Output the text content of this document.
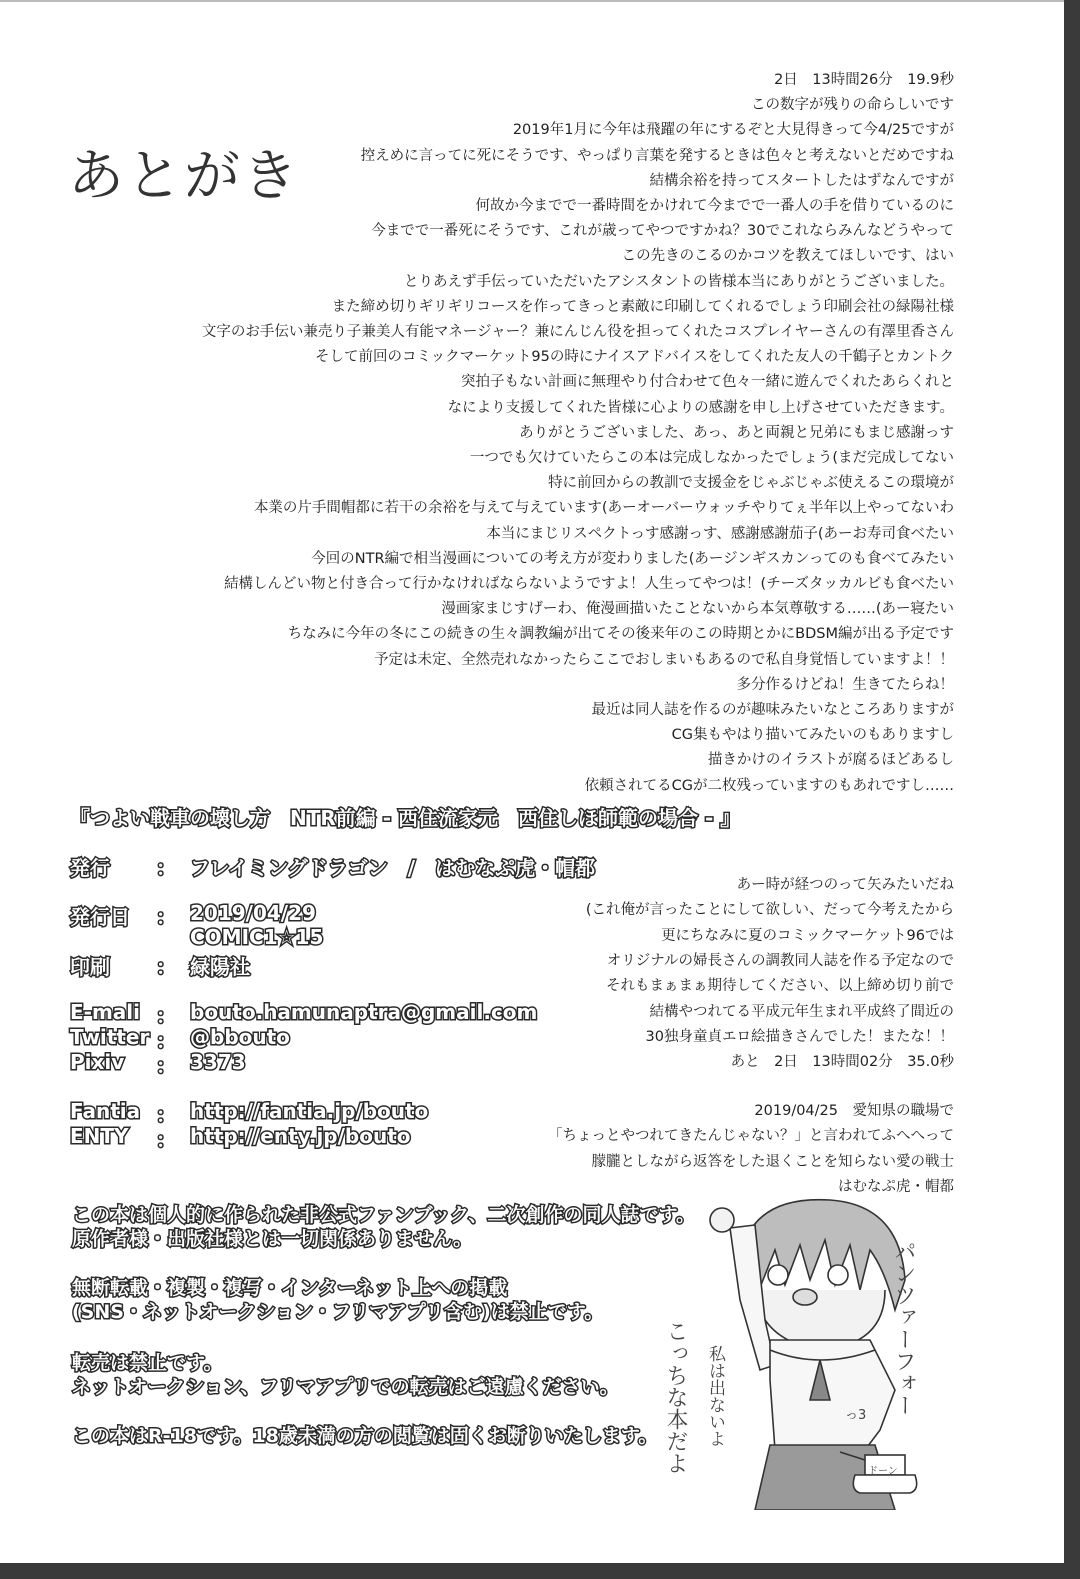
あとがき
2日　13時間26分　19.9秒
この数字が残りの命らしいです
2019年1月に今年は飛躍の年にするぞと大見得きって今4/25ですが
控えめに言ってに死にそうです、やっぱり言葉を発するときは色々と考えないとだめですね
結構余裕を持ってスタートしたはずなんですが
何故か今までで一番時間をかけれて今までで一番人の手を借りているのに
今までで一番死にそうです、これが歳ってやつですかね？30でこれならみんなどうやって
この先きのこるのかコツを教えてほしいです、はい
とりあえず手伝っていただいたアシスタントの皆様本当にありがとうございました。
また締め切りギリギリコースを作ってきっと素敵に印刷してくれるでしょう印刷会社の緑陽社様
文字のお手伝い兼売り子兼美人有能マネージャー？兼にんじん役を担ってくれたコスプレイヤーさんの有澤里香さん
そして前回のコミックマーケット95の時にナイスアドバイスをしてくれた友人の千鶴子とカントク
突拍子もない計画に無理やり付合わせて色々一緒に遊んでくれたあらくれと
なにより支援してくれた皆様に心よりの感謝を申し上げさせていただきます。
ありがとうございました、あっ、あと両親と兄弟にもまじ感謝っす
一つでも欠けていたらこの本は完成しなかったでしょう(まだ完成してない
特に前回からの教訓で支援金をじゃぶじゃぶ使えるこの環境が
本業の片手間帽都に若干の余裕を与えて与えています(あーオーバーウォッチやりてぇ半年以上やってないわ
本当にまじリスペクトっす感謝っす、感謝感謝茄子(あーお寿司食べたい
今回のNTR編で相当漫画についての考え方が変わりました(あージンギスカンってのも食べてみたい
結構しんどい物と付き合って行かなければならないようですよ！人生ってやつは！(チーズタッカルビも食べたい
漫画家まじすげーわ、俺漫画描いたことないから本気尊敬する……(あー寝たい
ちなみに今年の冬にこの続きの生々調教編が出てその後来年のこの時期とかにBDSM編が出る予定です
予定は未定、全然売れなかったらここでおしまいもあるので私自身覚悟していますよ！！
多分作るけどね！生きてたらね！
最近は同人誌を作るのが趣味みたいなところありますが
CG集もやはり描いてみたいのもありますし
描きかけのイラストが腐るほどあるし
依頼されてるCGが二枚残っていますのもあれですし……
あー時が経つのって矢みたいだね
(これ俺が言ったことにして欲しい、だって今考えたから
更にちなみに夏のコミックマーケット96では
オリジナルの婦長さんの調教同人誌を作る予定なので
それもまぁまぁ期待してください、以上締め切り前で
結構やつれてる平成元年生まれ平成終了間近の
30独身童貞エロ絵描きさんでした！またな！！
あと　2日　13時間02分　35.0秒
2019/04/25　愛知県の職場で
「ちょっとやつれてきたんじゃない？」と言われてふへへって
朦朧としながら返答をした退くことを知らない愛の戦士
はむなぷ虎・帽都
『つよい戦車の壊し方　NTR前編 - 西住流家元　西住しほ師範の場合 - 』
発行 ： フレイミングドラゴン　/　はむなぷ虎・帽都
発行日 ： 2019/04/29
COMIC1☆15
印刷 ： 緑陽社
E-mali ： bouto.hamunaptra@gmail.com
Twitter ： @bbouto
Pixiv ： 3373
Fantia ： http://fantia.jp/bouto
ENTY ： http://enty.jp/bouto
この本は個人的に作られた非公式ファンブック、二次創作の同人誌です。
原作者様・出版社様とは一切関係ありません。
無断転載・複製・複写・インターネット上への掲載
(SNS・ネットオークション・フリマアプリ含む)は禁止です。
転売は禁止です。
ネットオークション、フリマアプリでの転売はご遠慮ください。
この本はR-18です。18歳未満の方の閲覧は固くお断りいたします。
パンツァーフォー
こっちな本だよ 私は出ないよ
ドーン
っ3
